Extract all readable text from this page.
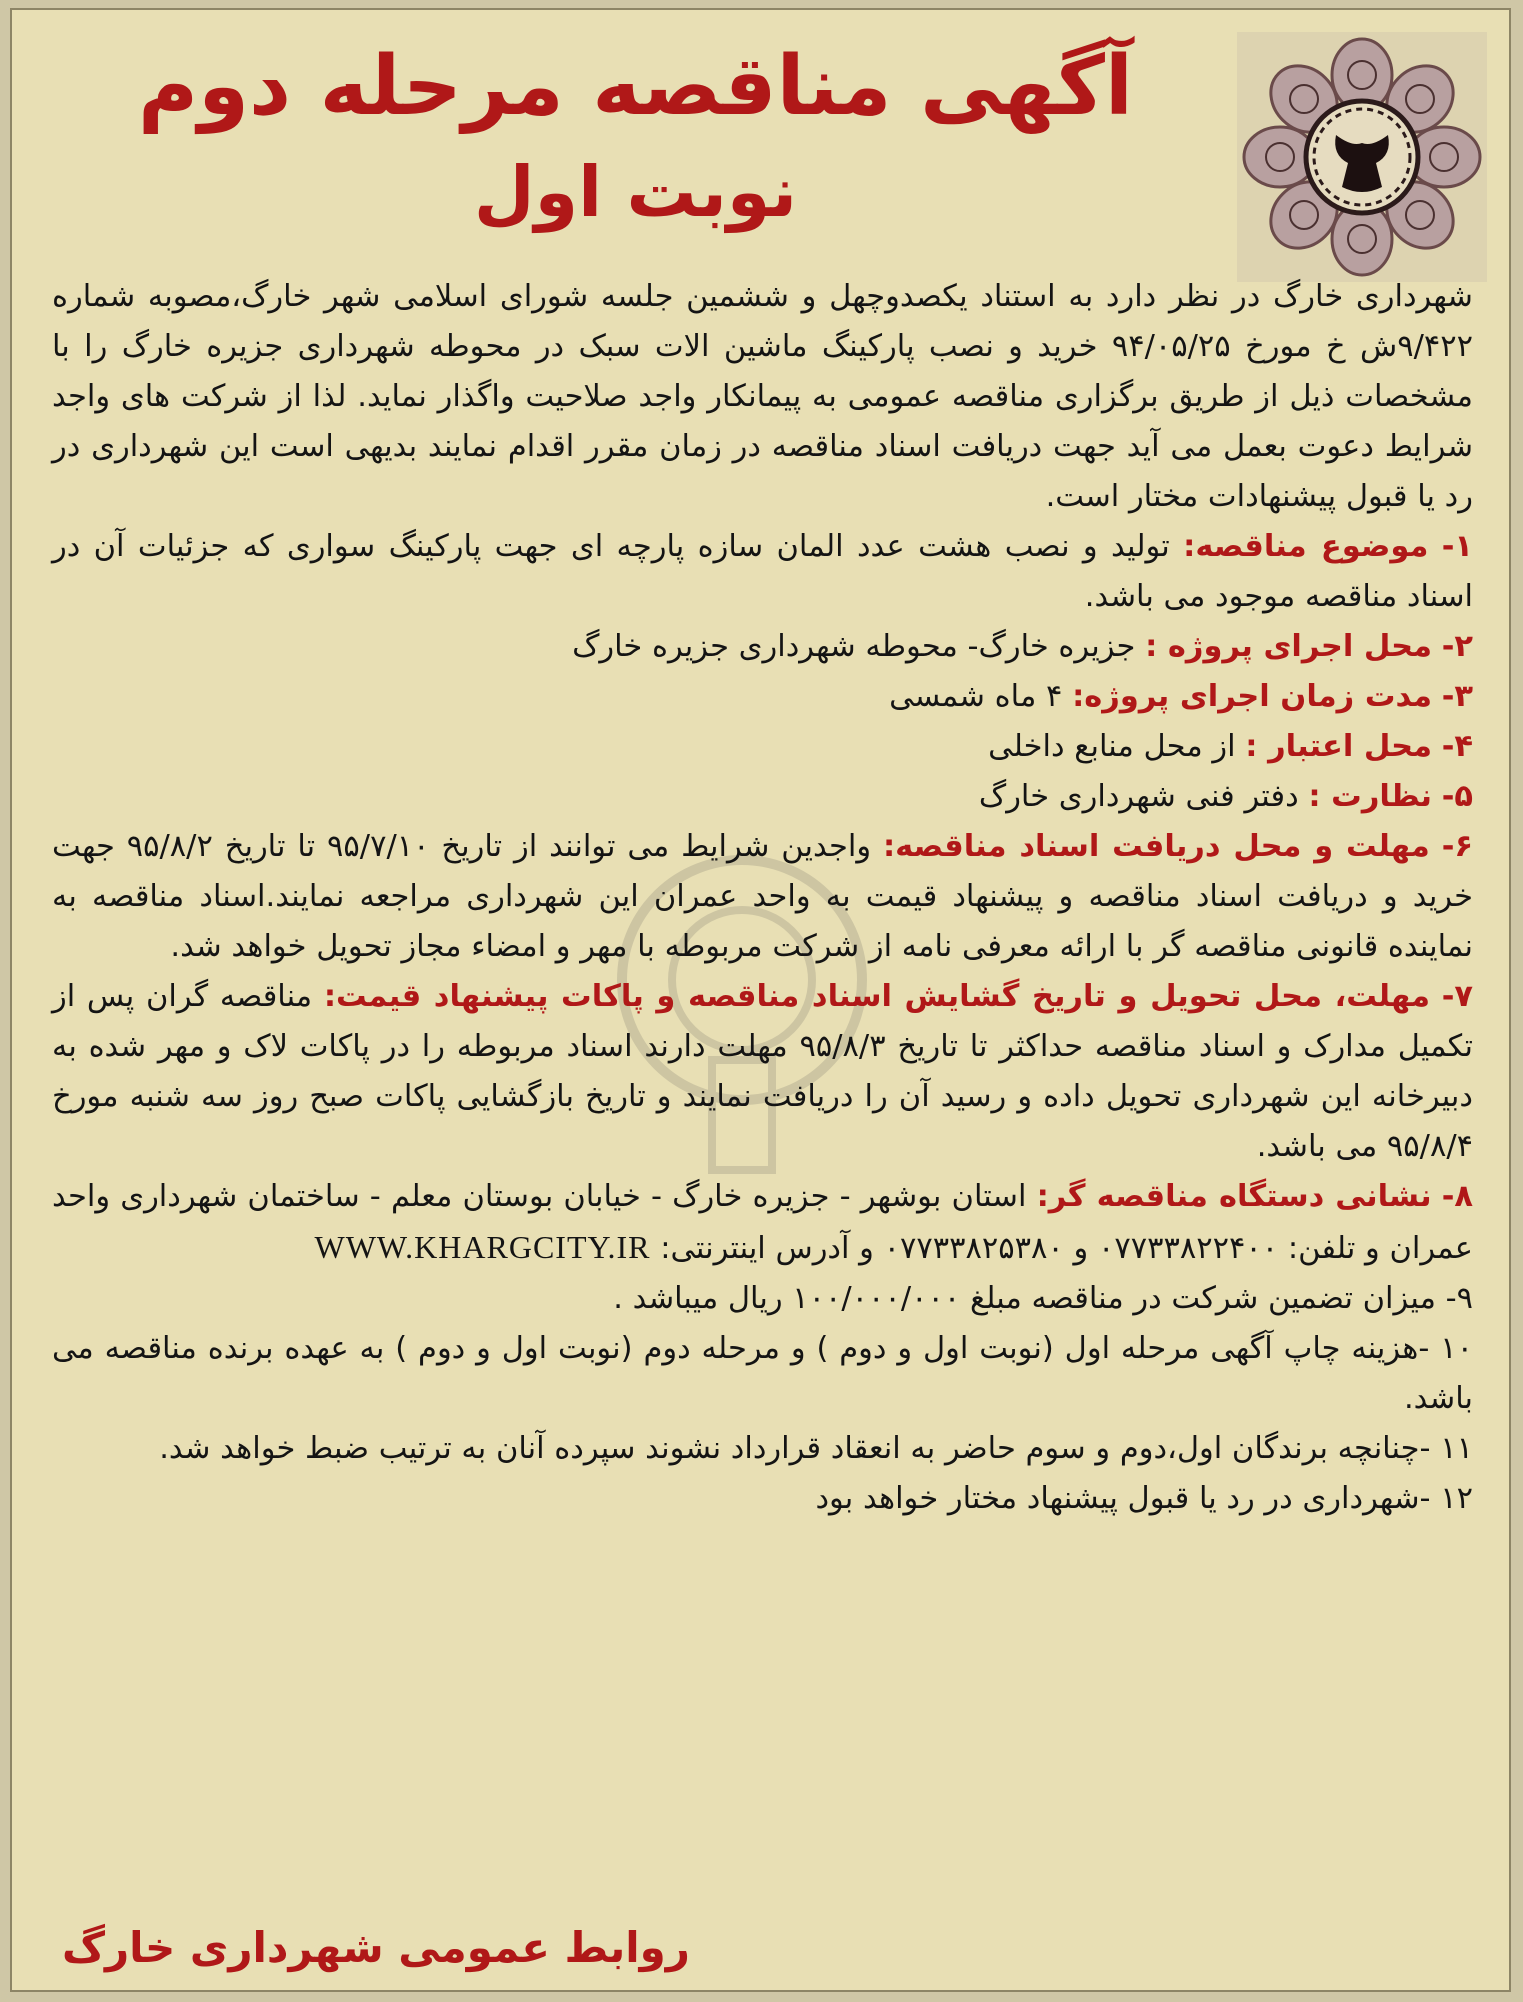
آگهی مناقصه مرحله دوم
نوبت اول

شهرداری خارگ در نظر دارد به استناد یکصدوچهل و ششمین جلسه شورای اسلامی شهر خارگ،مصوبه شماره ۹/۴۲۲ش خ مورخ ۹۴/۰۵/۲۵ خرید و نصب پارکینگ ماشین الات سبک در محوطه شهرداری جزیره خارگ را با مشخصات ذیل از طریق برگزاری مناقصه عمومی به پیمانکار واجد صلاحیت واگذار نماید. لذا از شرکت های واجد شرایط دعوت بعمل می آید جهت دریافت اسناد مناقصه در زمان مقرر اقدام نمایند بدیهی است این شهرداری در رد یا قبول پیشنهادات مختار است.

۱- موضوع مناقصه: تولید و نصب هشت عدد المان سازه پارچه ای جهت پارکینگ سواری که جزئیات آن در اسناد مناقصه موجود می باشد.

۲- محل اجرای پروژه : جزیره خارگ- محوطه شهرداری جزیره خارگ

۳- مدت زمان اجرای پروژه: ۴ ماه شمسی

۴- محل اعتبار : از محل منابع داخلی

۵- نظارت : دفتر فنی شهرداری خارگ

۶- مهلت و محل دریافت اسناد مناقصه: واجدین شرایط می توانند از تاریخ ۹۵/۷/۱۰ تا تاریخ ۹۵/۸/۲ جهت خرید و دریافت اسناد مناقصه و پیشنهاد قیمت به واحد عمران این شهرداری مراجعه نمایند.اسناد مناقصه به نماینده قانونی مناقصه گر با ارائه معرفی نامه از شرکت مربوطه با مهر و امضاء مجاز تحویل خواهد شد.

۷- مهلت، محل تحویل و تاریخ گشایش اسناد مناقصه و پاکات پیشنهاد قیمت: مناقصه گران پس از تکمیل مدارک و اسناد مناقصه حداکثر تا تاریخ ۹۵/۸/۳ مهلت دارند اسناد مربوطه را در پاکات لاک و مهر شده به دبیرخانه این شهرداری تحویل داده و رسید آن را دریافت نمایند و تاریخ بازگشایی پاکات صبح روز سه شنبه مورخ ۹۵/۸/۴ می باشد.

۸- نشانی دستگاه مناقصه گر: استان بوشهر - جزیره خارگ - خیابان بوستان معلم - ساختمان شهرداری واحد عمران و تلفن: ۰۷۷۳۳۸۲۲۴۰۰ و ۰۷۷۳۳۸۲۵۳۸۰ و آدرس اینترنتی: WWW.KHARGCITY.IR

۹- میزان تضمین شرکت در مناقصه مبلغ ۱۰۰/۰۰۰/۰۰۰ ریال میباشد .

۱۰ -هزینه چاپ آگهی مرحله اول (نوبت اول و دوم ) و مرحله دوم (نوبت اول و دوم ) به عهده برنده مناقصه می باشد.

۱۱ -چنانچه برندگان اول،دوم و سوم حاضر به انعقاد قرارداد نشوند سپرده آنان به ترتیب ضبط خواهد شد.

۱۲ -شهرداری در رد یا قبول پیشنهاد مختار خواهد بود

روابط عمومی شهرداری خارگ
